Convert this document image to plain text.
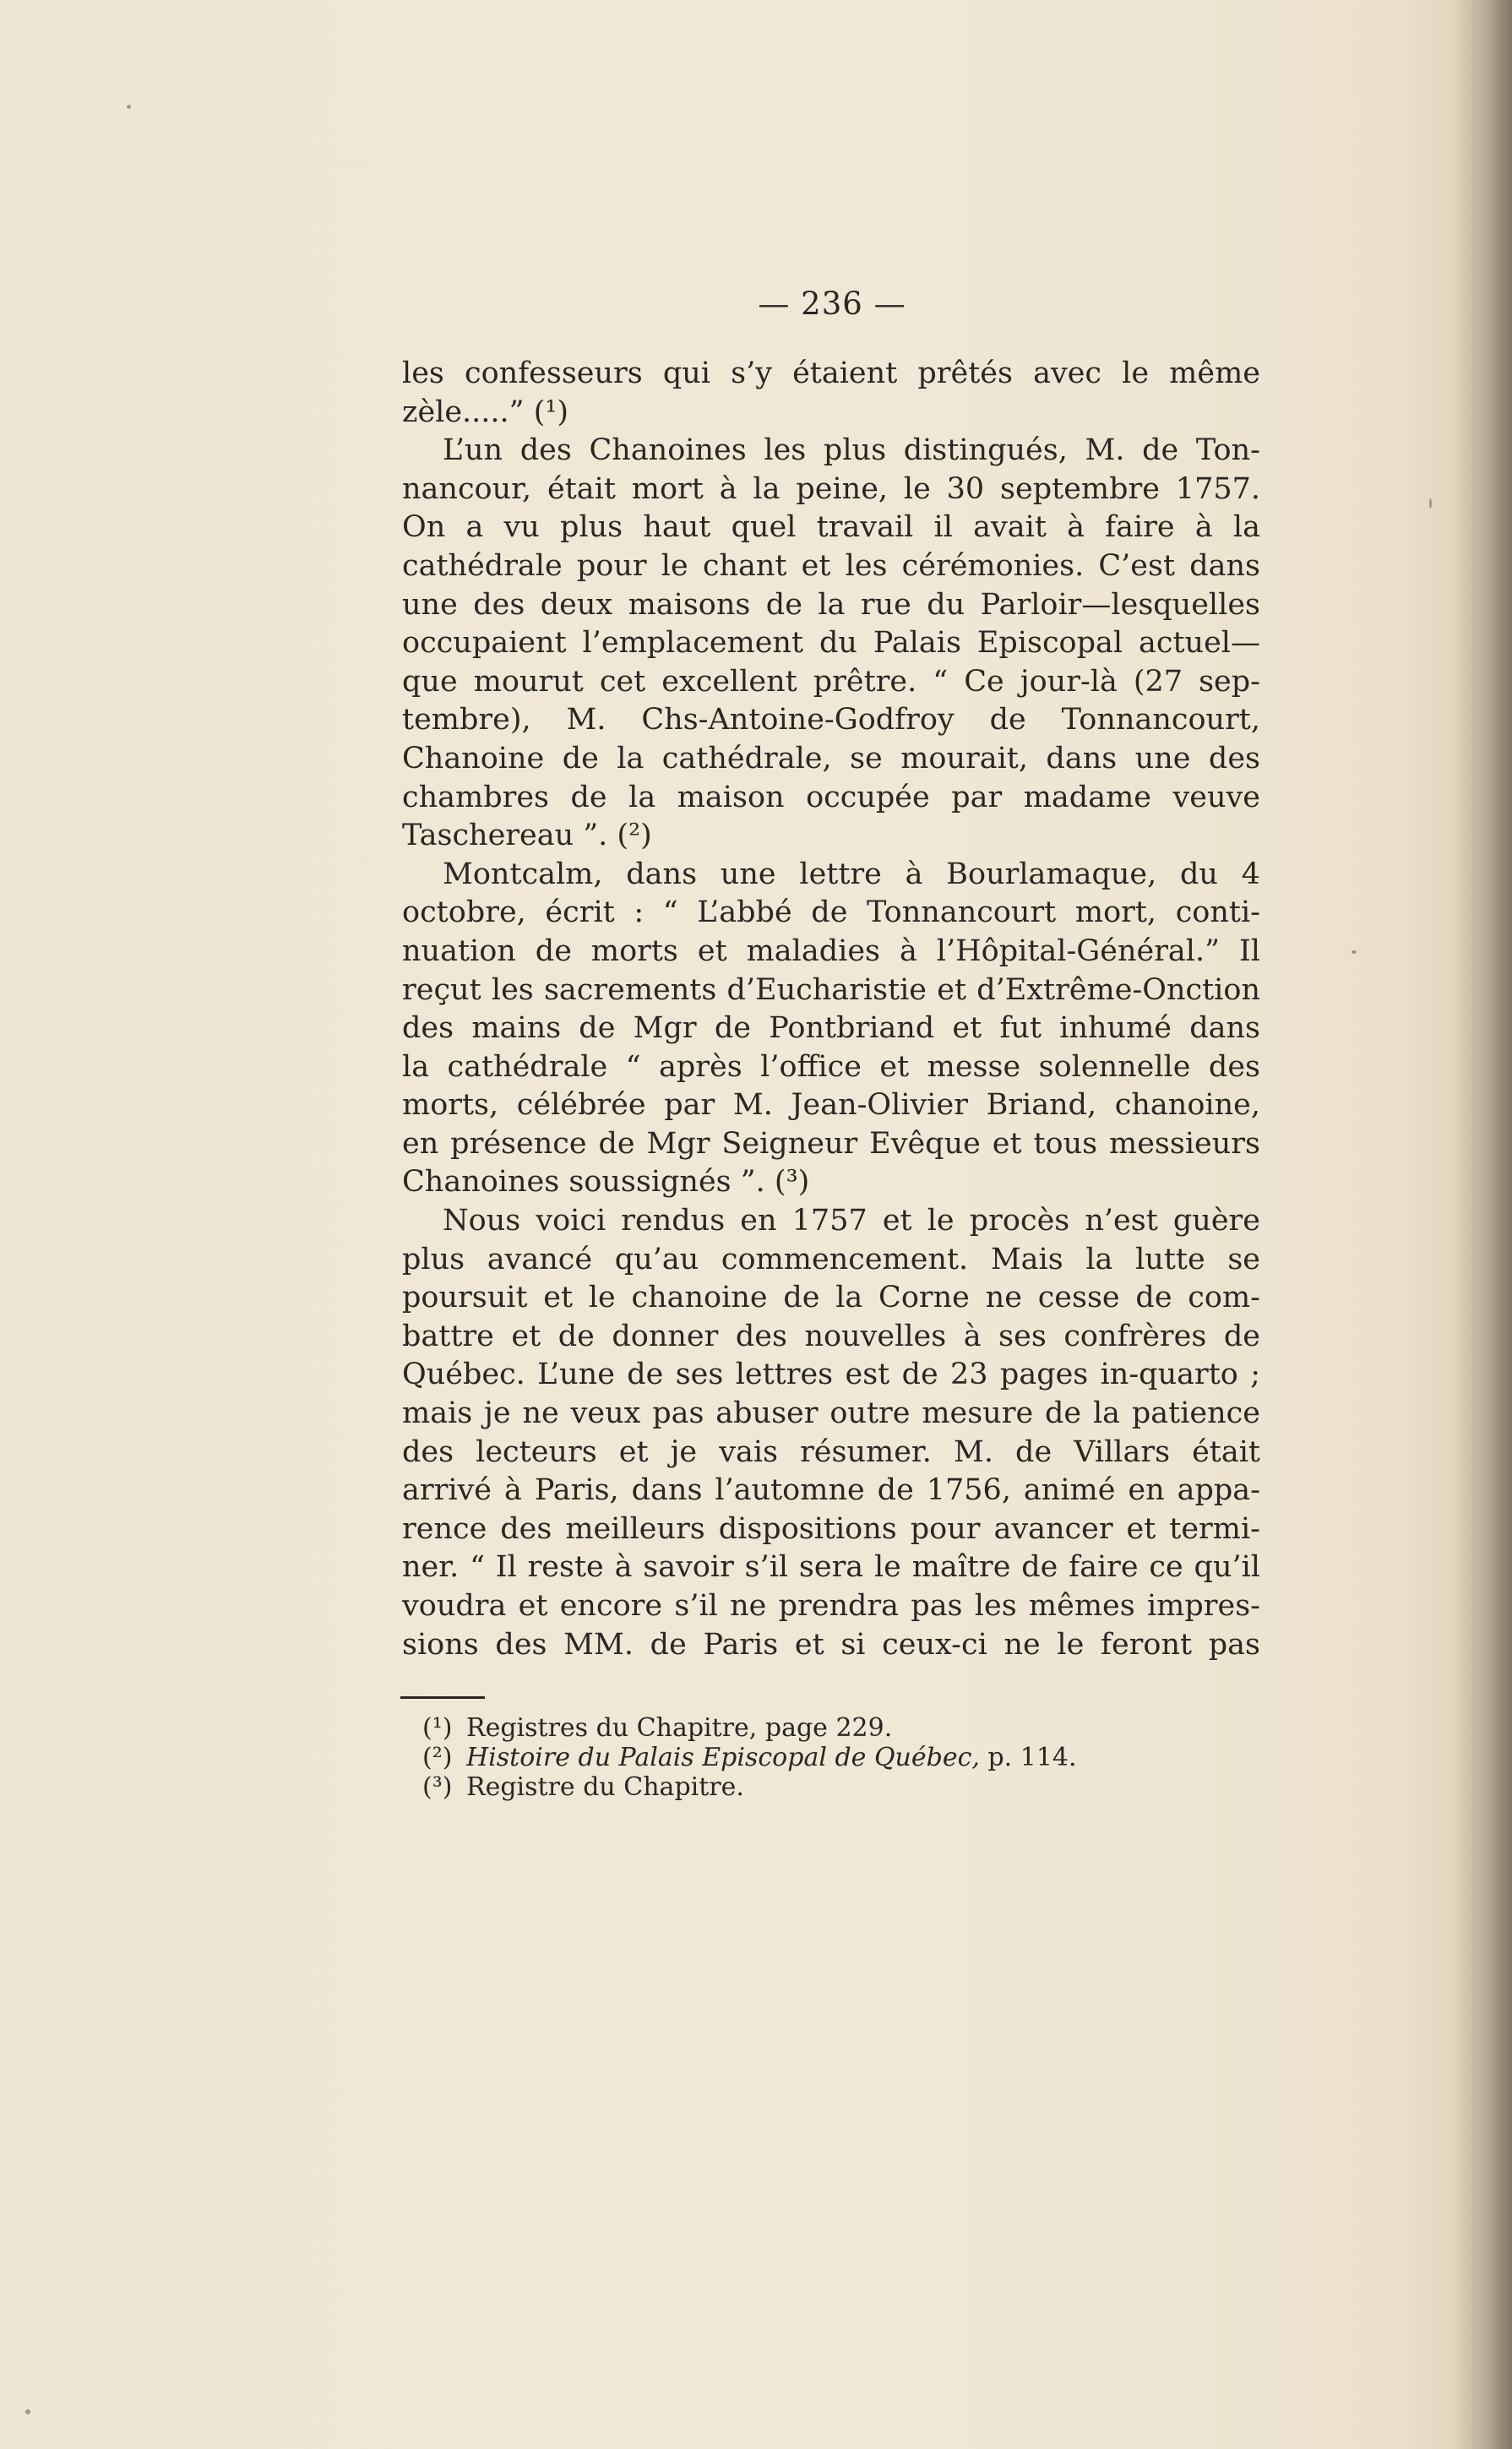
— 236 —
les confesseurs qui s’y étaient prêtés avec le même
zèle.....” (¹)
L’un des Chanoines les plus distingués, M. de Ton-
nancour, était mort à la peine, le 30 septembre 1757.
On a vu plus haut quel travail il avait à faire à la
cathédrale pour le chant et les cérémonies. C’est dans
une des deux maisons de la rue du Parloir—lesquelles
occupaient l’emplacement du Palais Episcopal actuel—
que mourut cet excellent prêtre. “ Ce jour-là (27 sep-
tembre), M. Chs-Antoine-Godfroy de Tonnancourt,
Chanoine de la cathédrale, se mourait, dans une des
chambres de la maison occupée par madame veuve
Taschereau ”. (²)
Montcalm, dans une lettre à Bourlamaque, du 4
octobre, écrit : “ L’abbé de Tonnancourt mort, conti-
nuation de morts et maladies à l’Hôpital-Général.” Il
reçut les sacrements d’Eucharistie et d’Extrême-Onction
des mains de Mgr de Pontbriand et fut inhumé dans
la cathédrale “ après l’office et messe solennelle des
morts, célébrée par M. Jean-Olivier Briand, chanoine,
en présence de Mgr Seigneur Evêque et tous messieurs
Chanoines soussignés ”. (³)
Nous voici rendus en 1757 et le procès n’est guère
plus avancé qu’au commencement. Mais la lutte se
poursuit et le chanoine de la Corne ne cesse de com-
battre et de donner des nouvelles à ses confrères de
Québec. L’une de ses lettres est de 23 pages in-quarto ;
mais je ne veux pas abuser outre mesure de la patience
des lecteurs et je vais résumer. M. de Villars était
arrivé à Paris, dans l’automne de 1756, animé en appa-
rence des meilleurs dispositions pour avancer et termi-
ner. “ Il reste à savoir s’il sera le maître de faire ce qu’il
voudra et encore s’il ne prendra pas les mêmes impres-
sions des MM. de Paris et si ceux-ci ne le feront pas
(¹) Registres du Chapitre, page 229.
(²) Histoire du Palais Episcopal de Québec, p. 114.
(³) Registre du Chapitre.
